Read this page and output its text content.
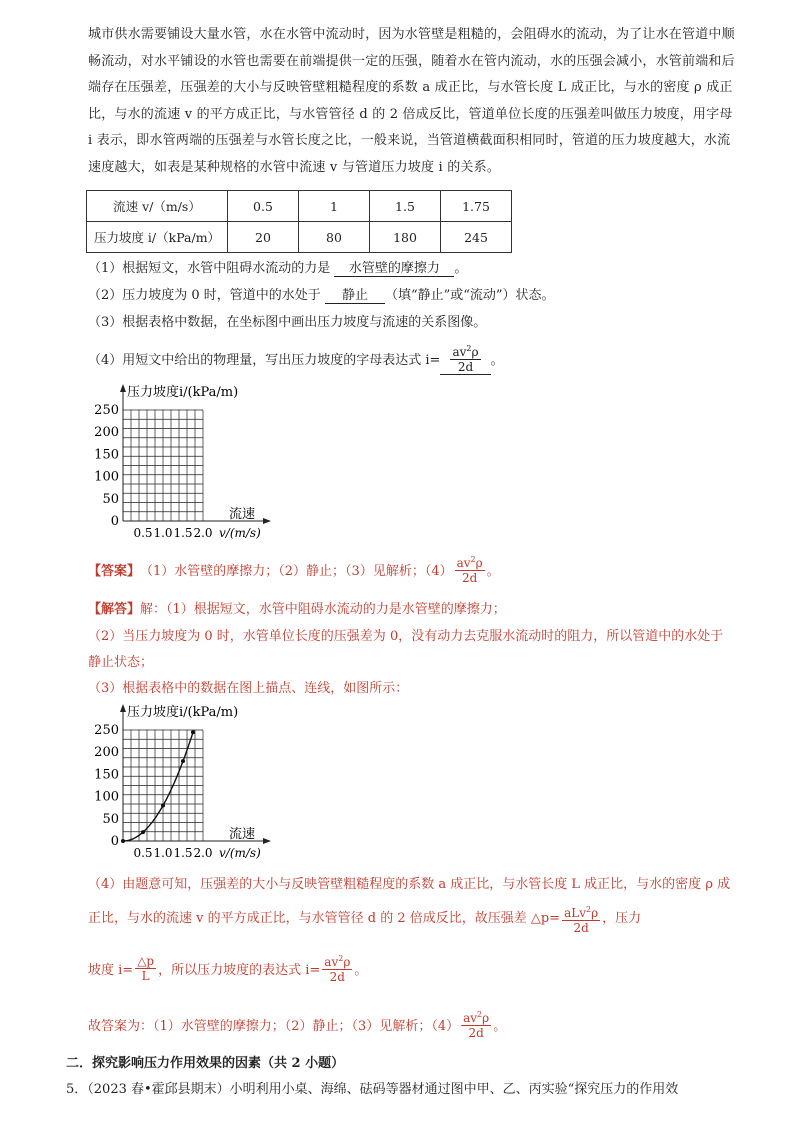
城市供水需要铺设大量水管，水在水管中流动时，因为水管壁是粗糙的，会阻碍水的流动，为了让水在管道中顺畅流动，对水平铺设的水管也需要在前端提供一定的压强，随着水在管内流动，水的压强会减小，水管前端和后端存在压强差，压强差的大小与反映管壁粗糙程度的系数 a 成正比，与水管长度 L 成正比，与水的密度 ρ 成正比，与水的流速 v 的平方成正比，与水管管径 d 的 2 倍成反比，管道单位长度的压强差叫做压力坡度，用字母 i 表示，即水管两端的压强差与水管长度之比，一般来说，当管道横截面积相同时，管道的压力坡度越大，水流速度越大，如表是某种规格的水管中流速 v 与管道压力坡度 i 的关系。
流速 v/（m/s）	0.5	1	1.5	1.75
压力坡度 i/（kPa/m）	20	80	180	245
（1）根据短文，水管中阻碍水流动的力是 水管壁的摩擦力 。
（2）压力坡度为 0 时，管道中的水处于 静止 （填“静止”或“流动”）状态。
（3）根据表格中数据，在坐标图中画出压力坡度与流速的关系图像。
（4）用短文中给出的物理量，写出压力坡度的字母表达式 $i= \frac{av^2\rho}{2d}$ 。
250
200
150
100
50
0
0.5 1.0 1.5 2.0
压力坡度i/(kPa/m)
流速
v/(m/s)
【答案】 （1）水管壁的摩擦力；（2）静止；（3）见解析；$(4) \frac{av^2\rho}{2d}$ 。
【解答】解：（1）根据短文，水管中阻碍水流动的力是水管壁的摩擦力；
（2）当压力坡度为 0 时，水管单位长度的压强差为 0，没有动力去克服水流动时的阻力，所以管道中的水处于静止状态；
（3）根据表格中的数据在图上描点、连线，如图所示：
250
200
150
100
50
0
0.5 1.0 1.5 2.0
压力坡度i/(kPa/m)
流速
v/(m/s)
（4）由题意可知，压强差的大小与反映管壁粗糙程度的系数 a 成正比，与水管长度 L 成正比，与水的密度 ρ 成正比，与水的流速 v 的平方成正比，与水管管径 d 的 2 倍成反比，故压强差 △p= $\frac{aLv^2\rho}{2d}$ ，压力
坡度 $i= \frac{\triangle p}{L}$ ，所以压力坡度的表达式 $i= \frac{av^2\rho}{2d}$ 。
故答案为：（1）水管壁的摩擦力；（2）静止；（3）见解析；$(4) \frac{av^2\rho}{2d}$ 。
二．探究影响压力作用效果的因素（共 2 小题）
5．（2023 春•霍邱县期末）小明利用小桌、海绵、砝码等器材通过图中甲、乙、丙实验“探究压力的作用效
